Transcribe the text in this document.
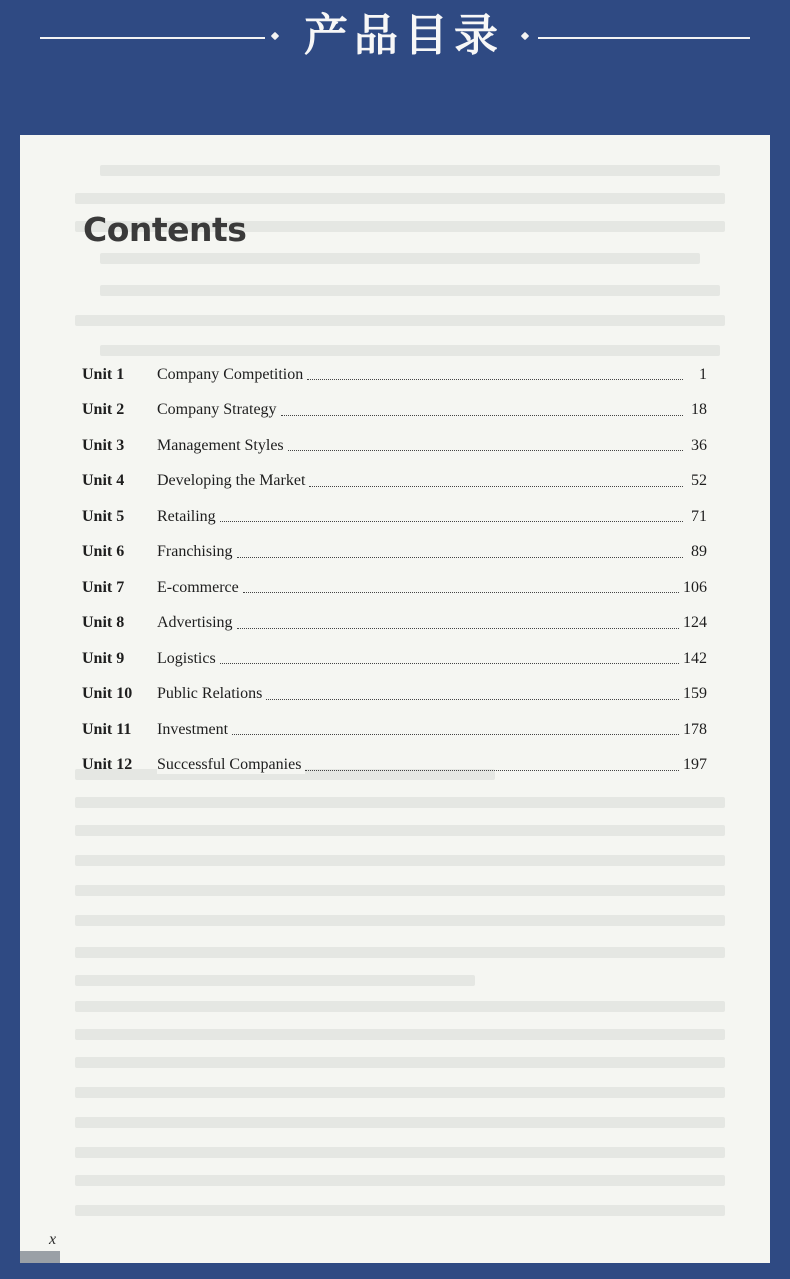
产品目录
Contents
Unit 1	Company Competition	1
Unit 2	Company Strategy	18
Unit 3	Management Styles	36
Unit 4	Developing the Market	52
Unit 5	Retailing	71
Unit 6	Franchising	89
Unit 7	E-commerce	106
Unit 8	Advertising	124
Unit 9	Logistics	142
Unit 10	Public Relations	159
Unit 11	Investment	178
Unit 12	Successful Companies	197
x
